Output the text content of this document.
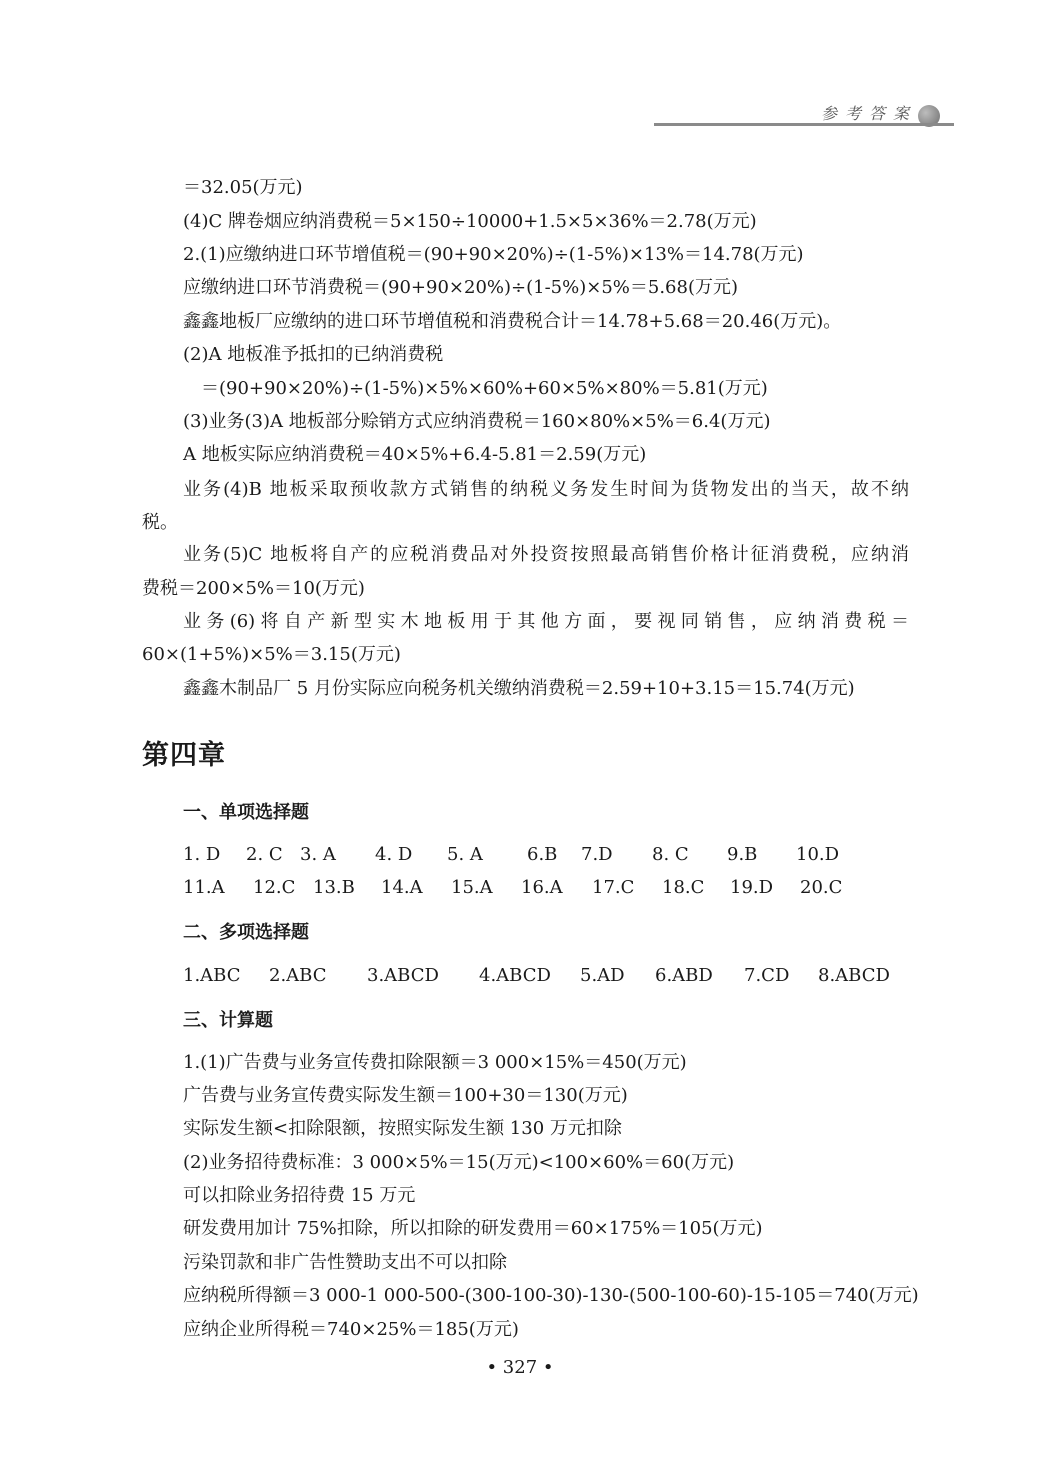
参考答案
＝32.05(万元)
(4)C 牌卷烟应纳消费税＝5×150÷10000+1.5×5×36%＝2.78(万元)
2.(1)应缴纳进口环节增值税＝(90+90×20%)÷(1-5%)×13%＝14.78(万元)
应缴纳进口环节消费税＝(90+90×20%)÷(1-5%)×5%＝5.68(万元)
鑫鑫地板厂应缴纳的进口环节增值税和消费税合计＝14.78+5.68＝20.46(万元)。
(2)A 地板准予抵扣的已纳消费税
＝(90+90×20%)÷(1-5%)×5%×60%+60×5%×80%＝5.81(万元)
(3)业务(3)A 地板部分赊销方式应纳消费税＝160×80%×5%＝6.4(万元)
A 地板实际应纳消费税＝40×5%+6.4-5.81＝2.59(万元)
业务(4)B 地板采取预收款方式销售的纳税义务发生时间为货物发出的当天，故不纳
税。
业务(5)C 地板将自产的应税消费品对外投资按照最高销售价格计征消费税，应纳消
费税＝200×5%＝10(万元)
业务(6)将自产新型实木地板用于其他方面，要视同销售，应纳消费税＝
60×(1+5%)×5%＝3.15(万元)
鑫鑫木制品厂 5 月份实际应向税务机关缴纳消费税＝2.59+10+3.15＝15.74(万元)
第四章
一、单项选择题
1. D 2. C 3. A 4. D 5. A 6.B 7.D 8. C 9.B 10.D
11.A 12.C 13.B 14.A 15.A 16.A 17.C 18.C 19.D 20.C
二、多项选择题
1.ABC 2.ABC 3.ABCD 4.ABCD 5.AD 6.ABD 7.CD 8.ABCD
三、计算题
1.(1)广告费与业务宣传费扣除限额＝3 000×15%＝450(万元)
广告费与业务宣传费实际发生额＝100+30＝130(万元)
实际发生额<扣除限额，按照实际发生额 130 万元扣除
(2)业务招待费标准：3 000×5%＝15(万元)<100×60%＝60(万元)
可以扣除业务招待费 15 万元
研发费用加计 75%扣除，所以扣除的研发费用＝60×175%＝105(万元)
污染罚款和非广告性赞助支出不可以扣除
应纳税所得额＝3 000-1 000-500-(300-100-30)-130-(500-100-60)-15-105＝740(万元)
应纳企业所得税＝740×25%＝185(万元)
• 327 •
